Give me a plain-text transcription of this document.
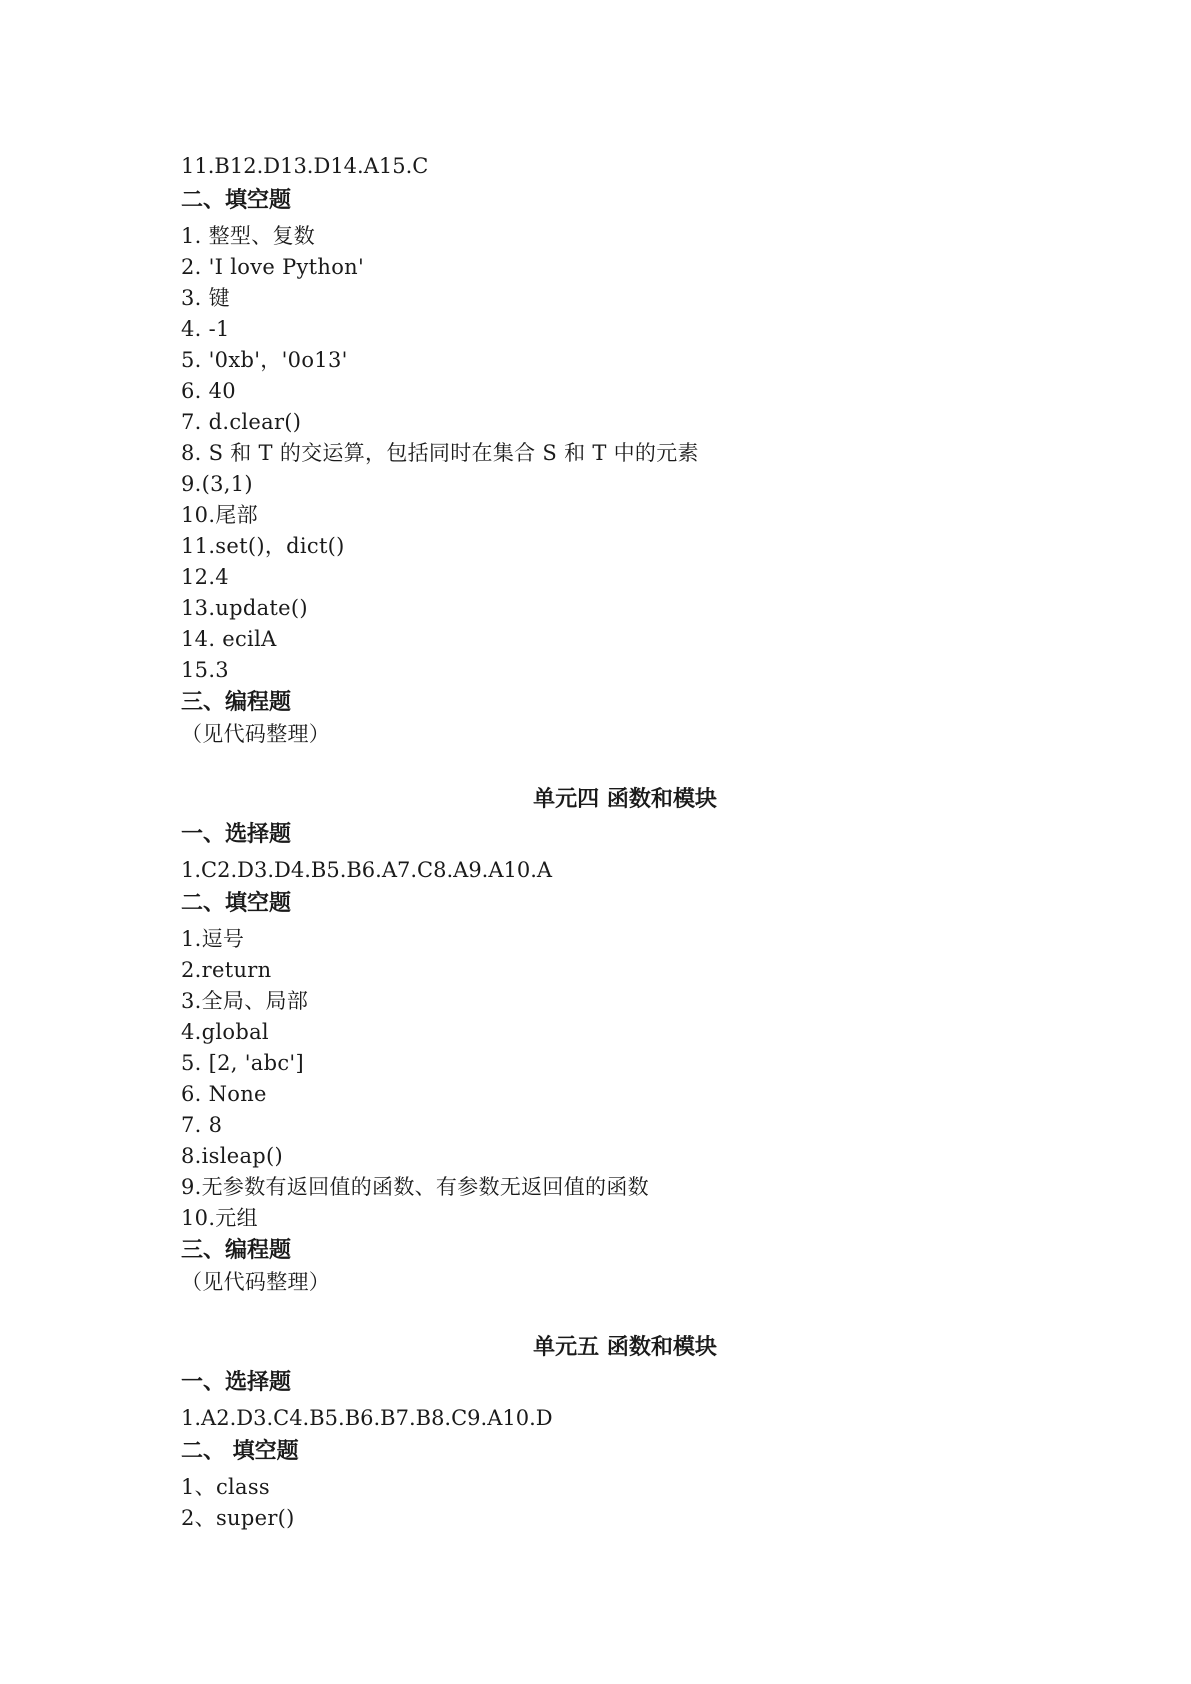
11.B12.D13.D14.A15.C
二、填空题
1. 整型、复数
2. 'I love Python'
3. 键
4. -1
5. '0xb'，'0o13'
6. 40
7. d.clear()
8. S 和 T 的交运算，包括同时在集合 S 和 T 中的元素
9.(3,1)
10.尾部
11.set()，dict()
12.4
13.update()
14. ecilA
15.3
三、编程题
（见代码整理）
单元四 函数和模块
一、选择题
1.C2.D3.D4.B5.B6.A7.C8.A9.A10.A
二、填空题
1.逗号
2.return
3.全局、局部
4.global
5. [2, 'abc']
6. None
7. 8
8.isleap()
9.无参数有返回值的函数、有参数无返回值的函数
10.元组
三、编程题
（见代码整理）
单元五 函数和模块
一、选择题
1.A2.D3.C4.B5.B6.B7.B8.C9.A10.D
二、 填空题
1、class
2、super()
